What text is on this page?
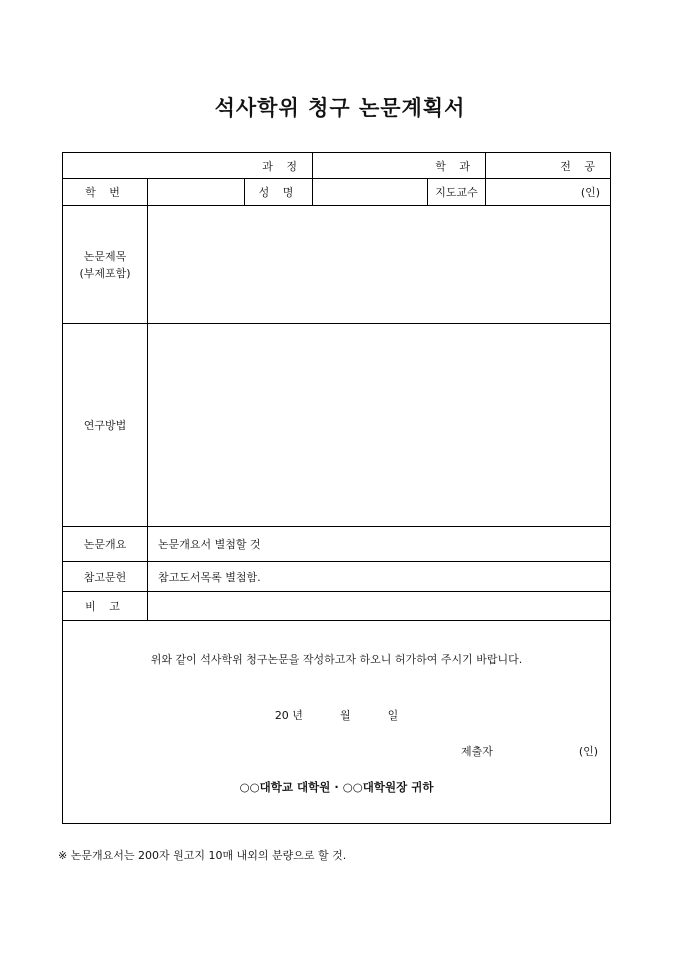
석사학위 청구 논문계획서
과 정			학 과		전 공
학 번		성 명		지도교수	(인)

논문제목
(부제포함)					

연구방법					
논문개요	논문개요서 별첨할 것				
참고문헌	참고도서목록 별첨함.				
비 고					

위와 같이 석사학위 청구논문을 작성하고자 하오니 허가하여 주시기 바랍니다.
20 년 월 일
제출자 (인)
○○대학교 대학원 · ○○대학원장 귀하					
※ 논문개요서는 200자 원고지 10매 내외의 분량으로 할 것.
